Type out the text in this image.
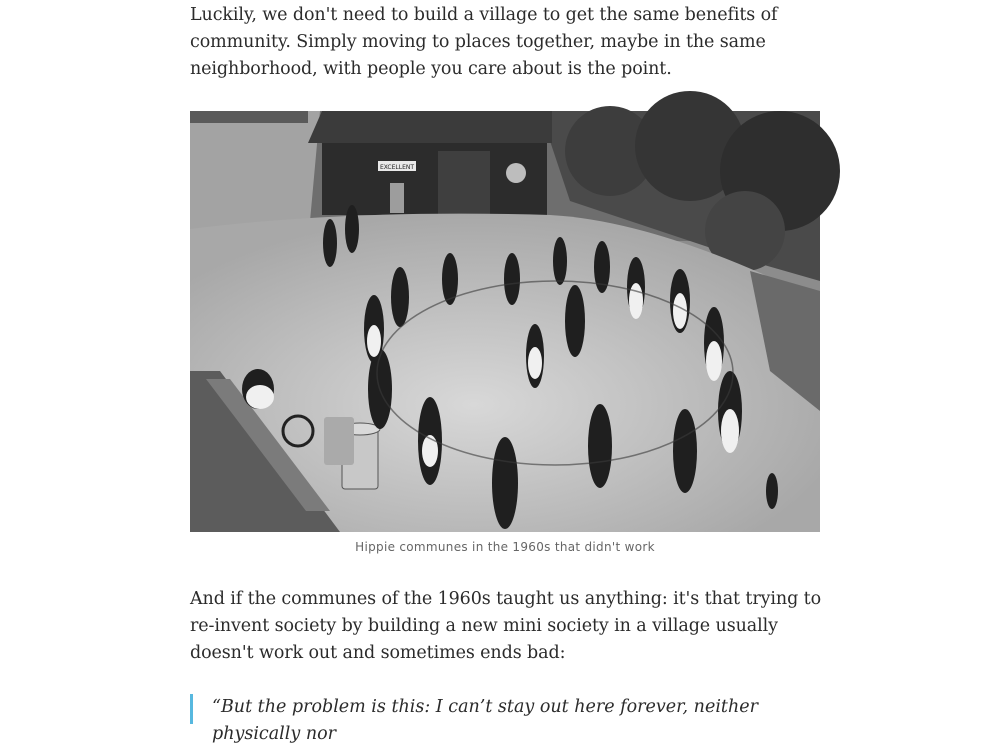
Luckily, we don't need to build a village to get the same benefits of community. Simply moving to places together, maybe in the same neighborhood, with people you care about is the point.

EXCELLENT
Hippie communes in the 1960s that didn't work

And if the communes of the 1960s taught us anything: it's that trying to re-invent society by building a new mini society in a village usually doesn't work out and sometimes ends bad:

“But the problem is this: I can’t stay out here forever, neither physically nor
